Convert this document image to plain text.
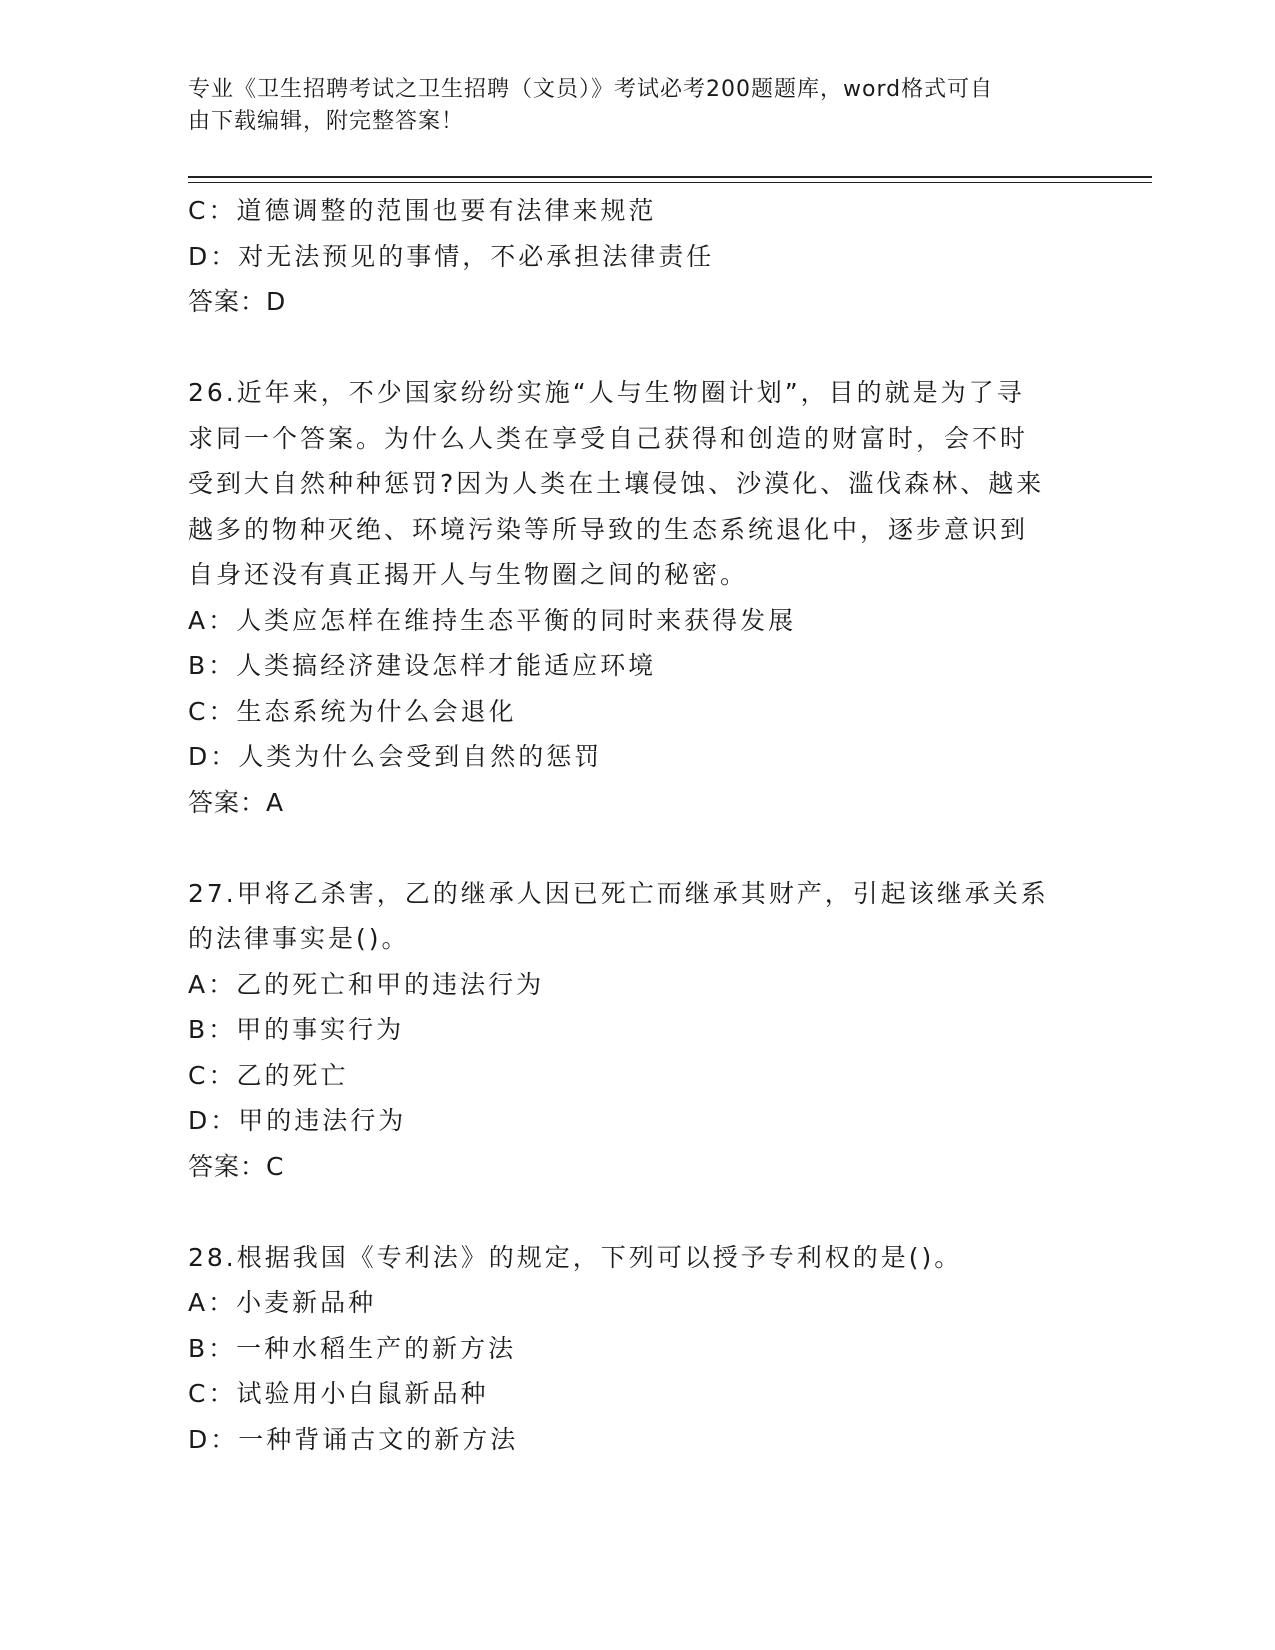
专业《卫生招聘考试之卫生招聘（文员）》考试必考200题题库，word格式可自
由下载编辑，附完整答案！
C：道德调整的范围也要有法律来规范
D：对无法预见的事情，不必承担法律责任
答案：D
26.近年来，不少国家纷纷实施“人与生物圈计划”，目的就是为了寻
求同一个答案。为什么人类在享受自己获得和创造的财富时，会不时
受到大自然种种惩罚?因为人类在土壤侵蚀、沙漠化、滥伐森林、越来
越多的物种灭绝、环境污染等所导致的生态系统退化中，逐步意识到
自身还没有真正揭开人与生物圈之间的秘密。
A：人类应怎样在维持生态平衡的同时来获得发展
B：人类搞经济建设怎样才能适应环境
C：生态系统为什么会退化
D：人类为什么会受到自然的惩罚
答案：A
27.甲将乙杀害，乙的继承人因已死亡而继承其财产，引起该继承关系
的法律事实是()。
A：乙的死亡和甲的违法行为
B：甲的事实行为
C：乙的死亡
D：甲的违法行为
答案：C
28.根据我国《专利法》的规定，下列可以授予专利权的是()。
A：小麦新品种
B：一种水稻生产的新方法
C：试验用小白鼠新品种
D：一种背诵古文的新方法
